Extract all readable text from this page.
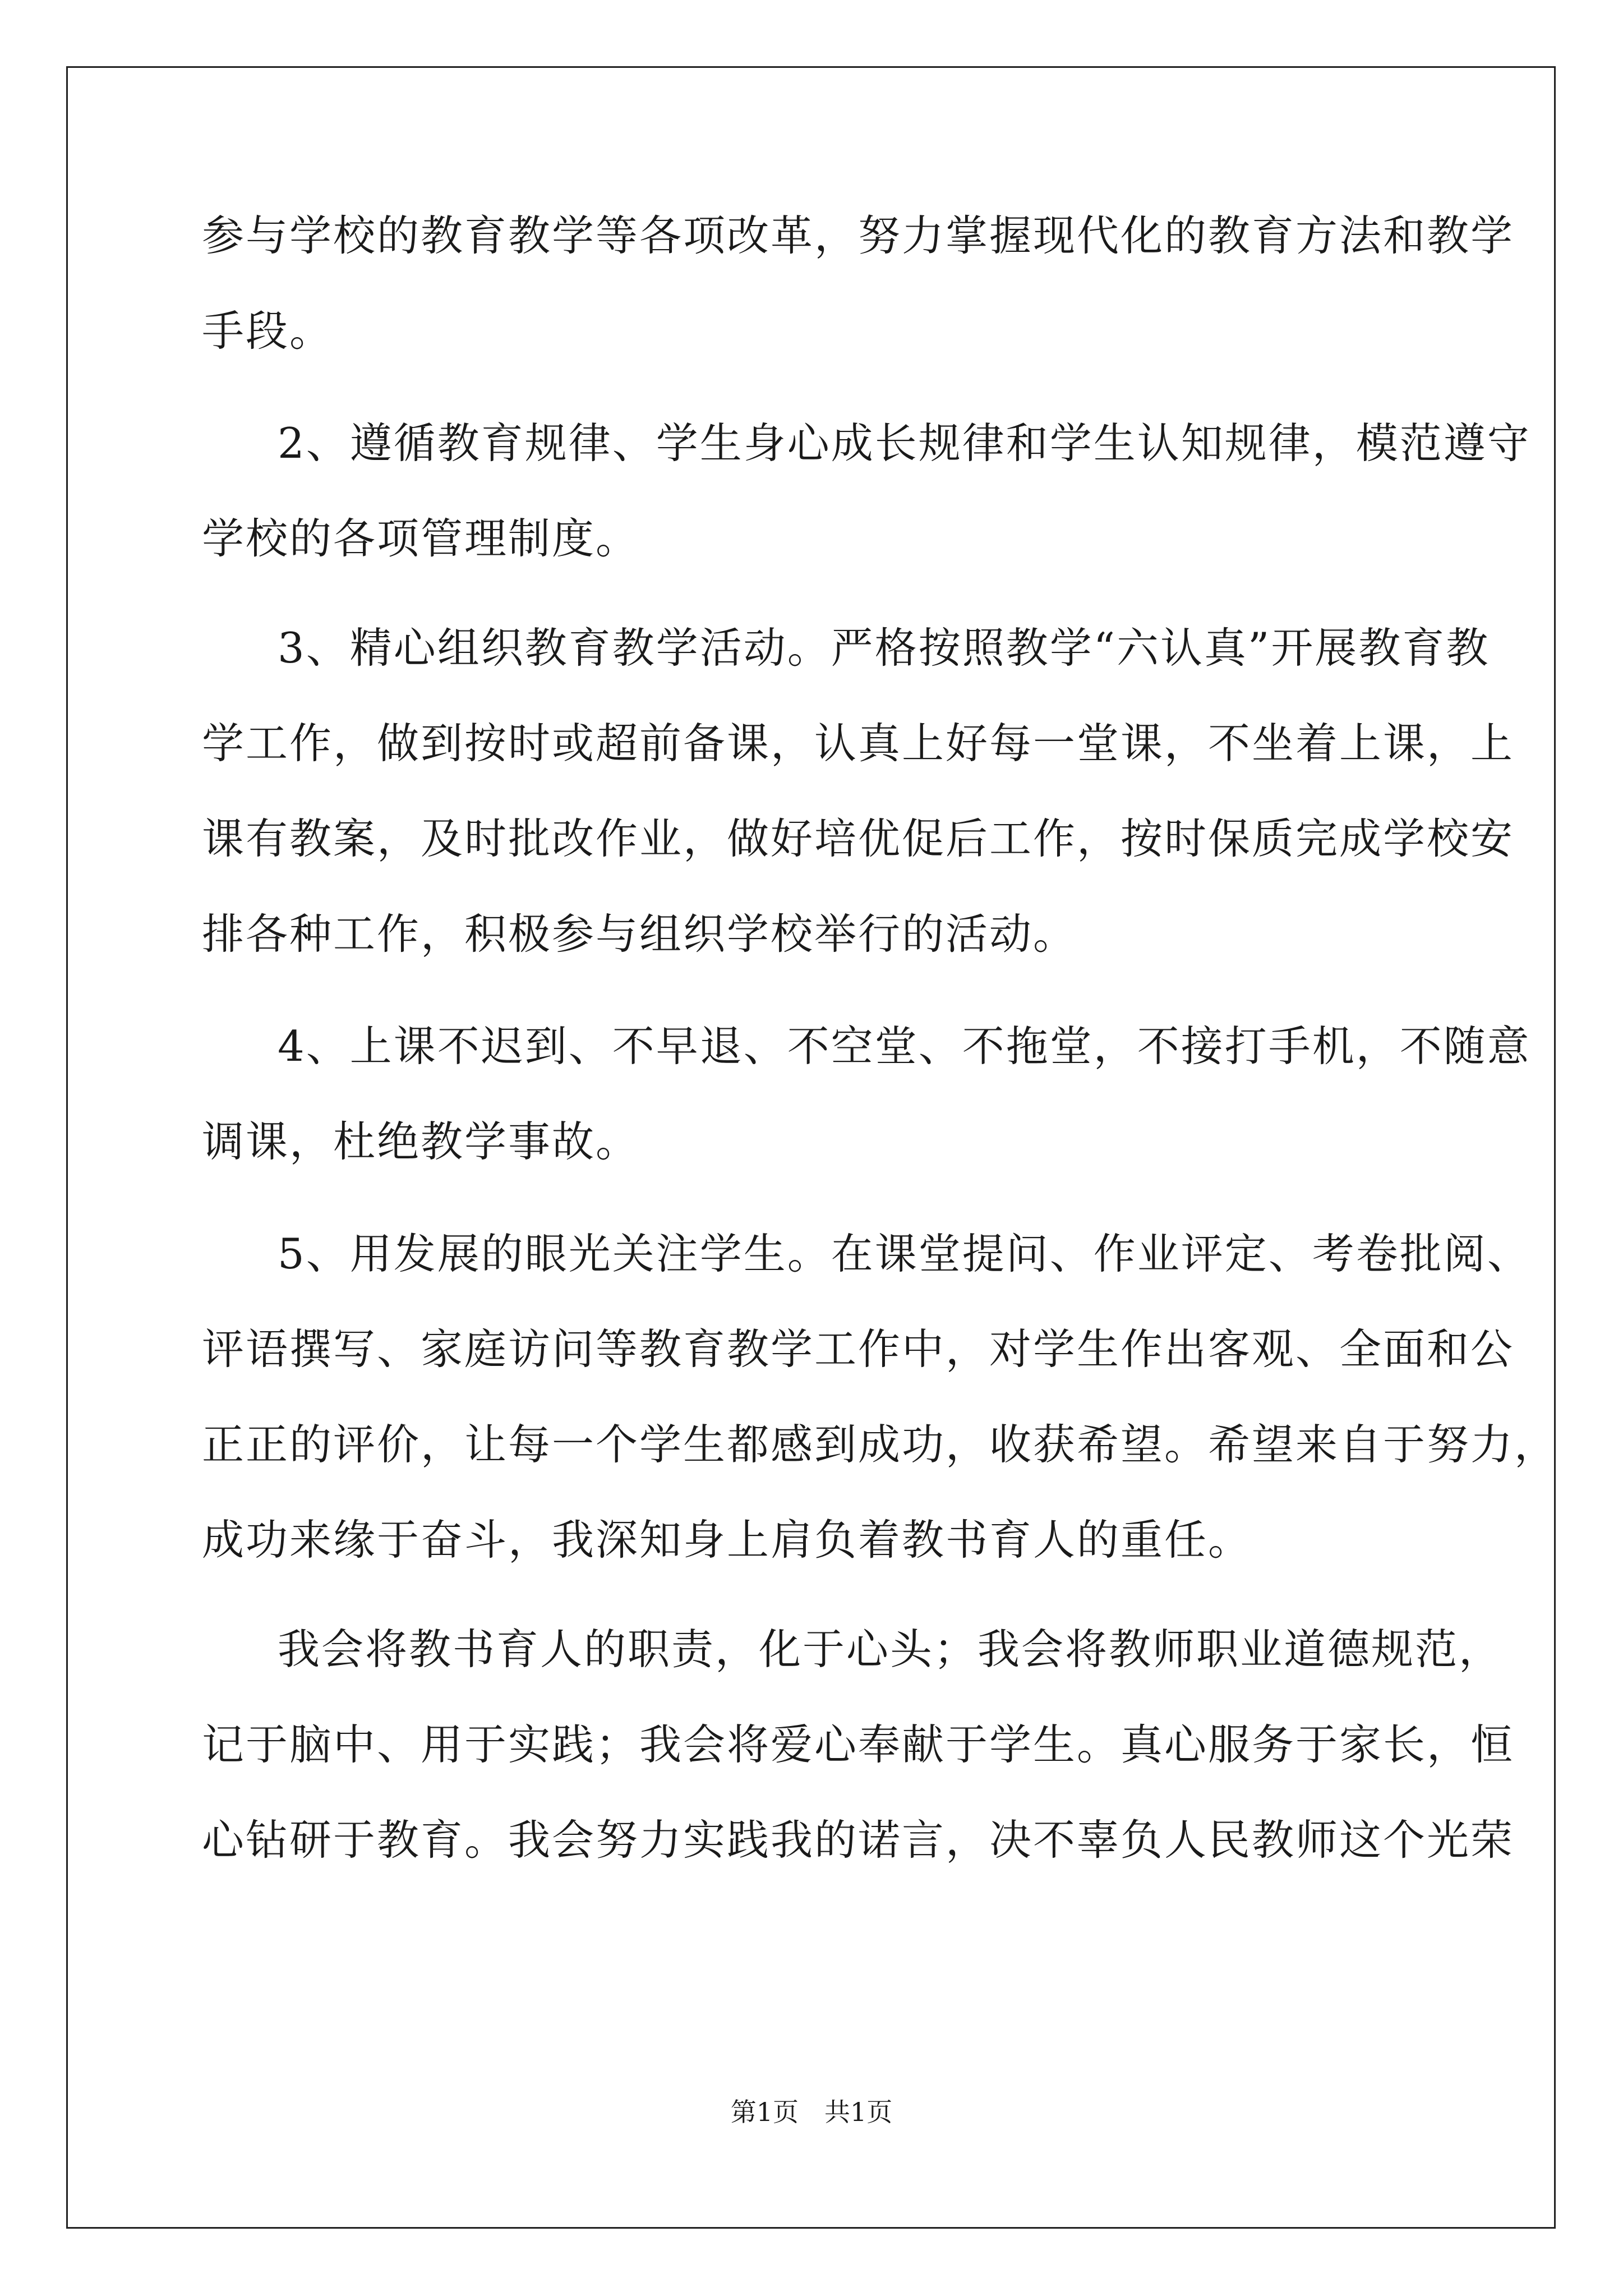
参与学校的教育教学等各项改革，努力掌握现代化的教育方法和教学
手段。
2、遵循教育规律、学生身心成长规律和学生认知规律，模范遵守
学校的各项管理制度。
3、精心组织教育教学活动。严格按照教学“六认真”开展教育教
学工作，做到按时或超前备课，认真上好每一堂课，不坐着上课，上
课有教案，及时批改作业，做好培优促后工作，按时保质完成学校安
排各种工作，积极参与组织学校举行的活动。
4、上课不迟到、不早退、不空堂、不拖堂，不接打手机，不随意
调课，杜绝教学事故。
5、用发展的眼光关注学生。在课堂提问、作业评定、考卷批阅、
评语撰写、家庭访问等教育教学工作中，对学生作出客观、全面和公
正正的评价，让每一个学生都感到成功，收获希望。希望来自于努力，
成功来缘于奋斗，我深知身上肩负着教书育人的重任。
我会将教书育人的职责，化于心头；我会将教师职业道德规范，
记于脑中、用于实践；我会将爱心奉献于学生。真心服务于家长，恒
心钻研于教育。我会努力实践我的诺言，决不辜负人民教师这个光荣
第1页　共1页
